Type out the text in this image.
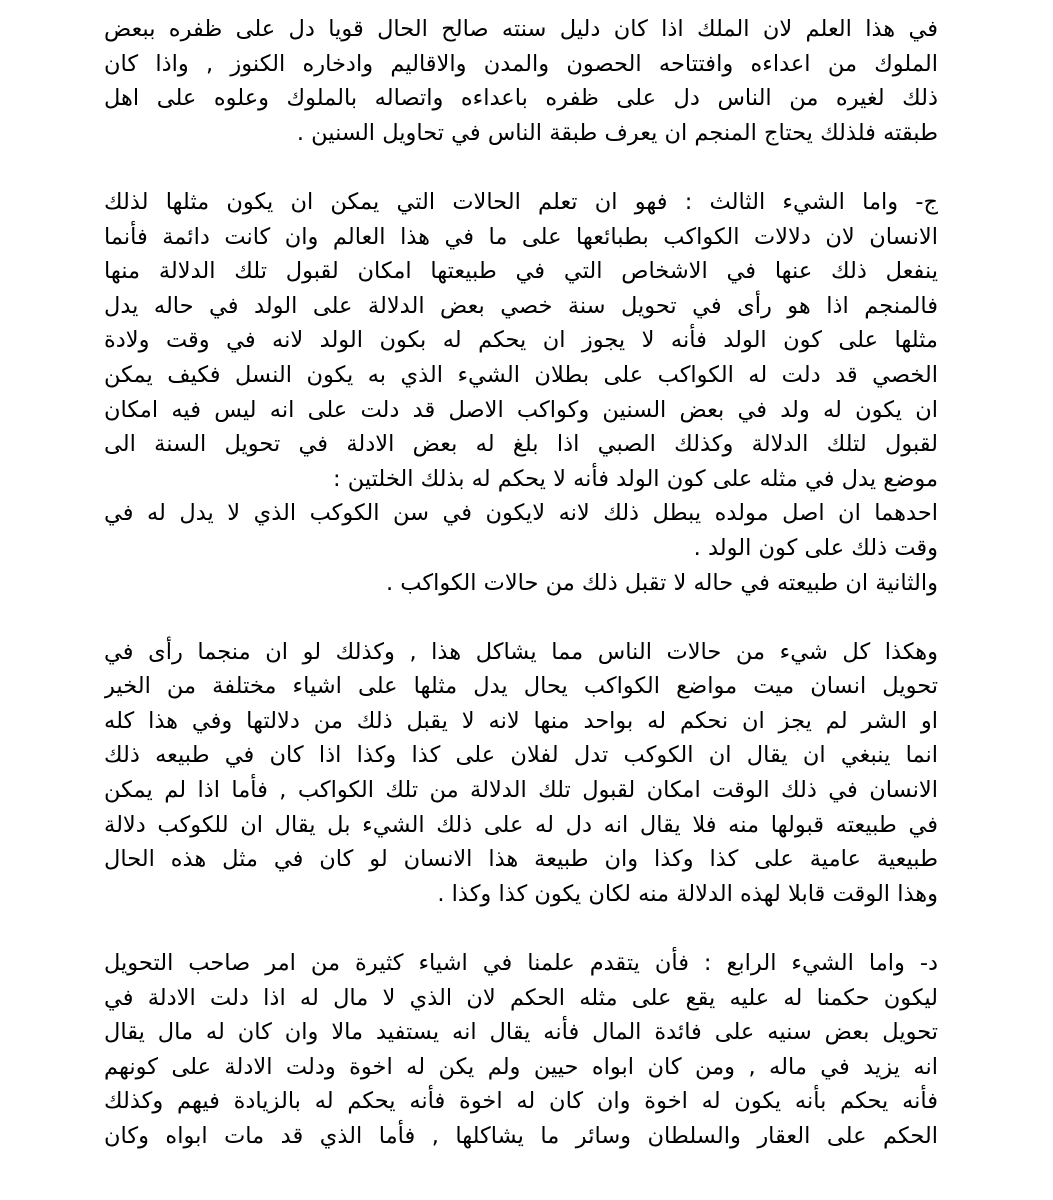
في هذا العلم لان الملك اذا كان دليل سنته صالح الحال قويا دل على ظفره ببعض
الملوك من اعداءه وافتتاحه الحصون والمدن والاقاليم وادخاره الكنوز , واذا كان
ذلك لغيره من الناس دل على ظفره باعداءه واتصاله بالملوك وعلوه على اهل
طبقته فلذلك يحتاج المنجم ان يعرف طبقة الناس في تحاويل السنين .
ج- واما الشيء الثالث : فهو ان تعلم الحالات التي يمكن ان يكون مثلها لذلك
الانسان لان دلالات الكواكب بطبائعها على ما في هذا العالم وان كانت دائمة فأنما
ينفعل ذلك عنها في الاشخاص التي في طبيعتها امكان لقبول تلك الدلالة منها
فالمنجم اذا هو رأى في تحويل سنة خصي بعض الدلالة على الولد في حاله يدل
مثلها على كون الولد فأنه لا يجوز ان يحكم له بكون الولد لانه في وقت ولادة
الخصي قد دلت له الكواكب على بطلان الشيء الذي به يكون النسل فكيف يمكن
ان يكون له ولد في بعض السنين وكواكب الاصل قد دلت على انه ليس فيه امكان
لقبول لتلك الدلالة وكذلك الصبي اذا بلغ له بعض الادلة في تحويل السنة الى
موضع يدل في مثله على كون الولد فأنه لا يحكم له بذلك الخلتين :
احدهما ان اصل مولده يبطل ذلك لانه لايكون في سن الكوكب الذي لا يدل له في
وقت ذلك على كون الولد .
والثانية ان طبيعته في حاله لا تقبل ذلك من حالات الكواكب .
وهكذا كل شيء من حالات الناس مما يشاكل هذا , وكذلك لو ان منجما رأى في
تحويل انسان ميت مواضع الكواكب يحال يدل مثلها على اشياء مختلفة من الخير
او الشر لم يجز ان نحكم له بواحد منها لانه لا يقبل ذلك من دلالتها وفي هذا كله
انما ينبغي ان يقال ان الكوكب تدل لفلان على كذا وكذا اذا كان في طبيعه ذلك
الانسان في ذلك الوقت امكان لقبول تلك الدلالة من تلك الكواكب , فأما اذا لم يمكن
في طبيعته قبولها منه فلا يقال انه دل له على ذلك الشيء بل يقال ان للكوكب دلالة
طبيعية عامية على كذا وكذا وان طبيعة هذا الانسان لو كان في مثل هذه الحال
وهذا الوقت قابلا لهذه الدلالة منه لكان يكون كذا وكذا .
د- واما الشيء الرابع : فأن يتقدم علمنا في اشياء كثيرة من امر صاحب التحويل
ليكون حكمنا له عليه يقع على مثله الحكم لان الذي لا مال له اذا دلت الادلة في
تحويل بعض سنيه على فائدة المال فأنه يقال انه يستفيد مالا وان كان له مال يقال
انه يزيد في ماله , ومن كان ابواه حيين ولم يكن له اخوة ودلت الادلة على كونهم
فأنه يحكم بأنه يكون له اخوة وان كان له اخوة فأنه يحكم له بالزيادة فيهم وكذلك
الحكم على العقار والسلطان وسائر ما يشاكلها , فأما الذي قد مات ابواه وكان
